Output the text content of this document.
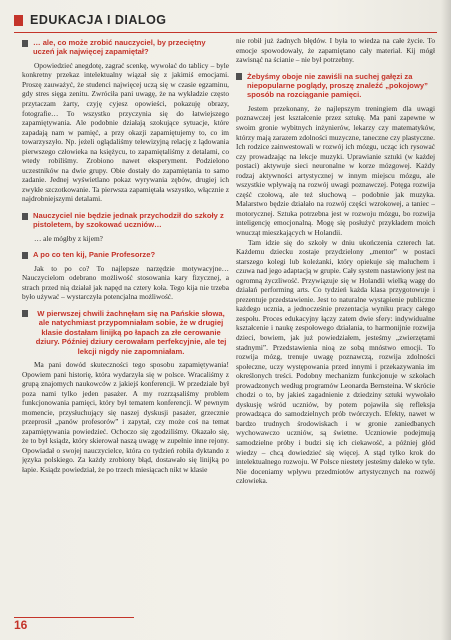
EDUKACJA I DIALOG
… ale, co może zrobić nauczyciel, by przeciętny uczeń jak najwięcej zapamiętał?

Opowiedzieć anegdotę, zagrać scenkę, wywołać do tablicy – byle konkretny przekaz intelektualny wiązał się z jakimiś emocjami. Proszę zauważyć, że studenci najwięcej uczą się w czasie egzaminu, gdy stres sięga zenitu. Zwróciła pani uwagę, że na wykładzie często przytaczam żarty, czyję cyjesz opowieści, pokazuję obrazy, fotografie… To wszystko przyczynia się do łatwiejszego zapamiętywania. Ale podobnie działają szokujące sytuacje, które zapadają nam w pamięć, a przy okazji zapamiętujemy to, co im towarzyszyło. Np. jeżeli oglądaliśmy telewizyjną relację z lądowania pierwszego człowieka na księżycu, to zapamiętaliśmy z detalami, co wtedy robiliśmy. Zrobiono nawet eksperyment. Podzielono uczestników na dwie grupy. Obie dostały do zapamiętania to samo zadanie. Jednej wyświetlano pokaz wyrywania zębów, drugiej ich zwykłe szczotkowanie. Ta pierwsza zapamiętała wszystko, włącznie z najdrobniejszymi detalami.

Nauczyciel nie będzie jednak przychodził do szkoły z pistoletem, by szokować uczniów…

… ale mógłby z kijem?

A po co ten kij, Panie Profesorze?

Jak to po co? To najlepsze narzędzie motywacyjne… Nauczycielom odebrano możliwość stosowania kary fizycznej, a strach przed nią działał jak napęd na cztery koła. Tego kija nie trzeba było używać – wystarczyła potencjalna możliwość.

W pierwszej chwili żachnęłam się na Pańskie słowa, ale natychmiast przypomniałam sobie, że w drugiej klasie dostałam linijką po łapach za złe cerowanie dziury. Później dziury cerowałam perfekcyjnie, ale tej lekcji nigdy nie zapomniałam.

Ma pani dowód skuteczności tego sposobu zapamiętywania! Opowiem pani historię, która wydarzyła się w polsce. Wracaliśmy z grupą znajomych naukowców z jakiejś konferencji. W przedziale był poza nami tylko jeden pasażer. A my rozrząsaliśmy problem funkcjonowania pamięci, który był tematem konferencji. W pewnym momencie, przysłuchujący się naszej dyskusji pasażer, grzecznie przeprosił „panów profesorów” i zapytał, czy może coś na temat zapamiętywania powiedzieć. Ochoczo się zgodziliśmy. Okazało się, że to był ksiądz, który skierował naszą uwagę w zupełnie inne rejony. Opowiadał o swojej nauczycielce, która co tydzień robiła dyktando z języka polskiego. Za każdy zrobiony błąd, dostawało się linijką po łapie. Ksiądz powiedział, że po trzech miesiącach nikt w klasie

nie robił już żadnych błędów. I była to wiedza na całe życie. To emocje spowodowały, że zapamiętano cały materiał. Kij mógł zawisnąć na ścianie – nie był potrzebny.

Żebyśmy oboje nie zawiśli na suchej gałęzi za niepopularne poglądy, proszę znaleźć „pokojowy” sposób na rozciąganie pamięci.

Jestem przekonany, że najlepszym treningiem dla uwagi poznawczej jest kształcenie przez sztukę. Ma pani zapewne w swoim gronie wybitnych inżynierów, lekarzy czy matematyków, którzy mają zarazem zdolności muzyczne, taneczne czy plastyczne. Ich rodzice zainwestowali w rozwój ich mózgu, ucząc ich rysować czy prowadzając na lekcje muzyki. Uprawianie sztuki (w każdej postaci) aktywuje sieci neuronalne w korze mózgowej. Każdy rodzaj aktywności artystycznej w innym miejscu mózgu, ale wszystkie wpływają na rozwój uwagi poznawczej. Potęga rozwija część czołową, ale też słuchową – podobnie jak muzyka. Malarstwo będzie działało na rozwój części wzrokowej, a taniec – motorycznej. Sztuka potrzebna jest w rozwoju mózgu, bo rozwija inteligencję emocjonalną. Mogę się posłużyć przykładem moich wnucząt mieszkających w Holandii.

Tam idzie się do szkoły w dniu ukończenia czterech lat. Każdemu dziecku zostaje przydzielony „mentor” w postaci starszego kolegi lub koleżanki, który opiekuje się maluchem i czuwa nad jego adaptacją w grupie. Cały system nastawiony jest na ogromną życzliwość. Przywiązuje się w Holandii wielką wagę do działań performing arts. Co tydzień każda klasa przygotowuje i prezentuje przedstawienie. Jest to naturalne wystąpienie publiczne każdego ucznia, a jednocześnie prezentacja wyniku pracy całego zespołu. Proces edukacyjny łączy zatem dwie sfery: indywidualne kształcenie i naukę zespołowego działania, to harmonijnie rozwija dzieci, bowiem, jak już powiedziałem, jesteśmy „zwierzętami stadnymi”. Przedstawienia nioą ze sobą mnóstwo emocji. To rozwija mózg, trenuje uwagę poznawczą, rozwija zdolności społeczne, uczy występowania przed innymi i przekazywania im określonych treści. Podobny mechanizm funkcjonuje w szkołach prowadzonych według programów Leonarda Bernsteina. W skrócie chodzi o to, by jakieś zagadnienie z dziedziny sztuki wywołało dyskusję wśród uczniów, by potem pojawiła się refleksja prowadząca do samodzielnych prób twórczych. Efekty, nawet w bardzo trudnych środowiskach i w gronie zaniedbanych wychowawczo uczniów, są świetne. Uczniowie podejmują samodzielne próby i budzi się ich ciekawość, a później głód wiedzy – chcą dowiedzieć się więcej. A stąd tylko krok do intelektualnego rozwoju. W Polsce niestety jesteśmy daleko w tyle. Nie doceniamy wpływu przedmiotów artystycznych na rozwój człowieka.

16
